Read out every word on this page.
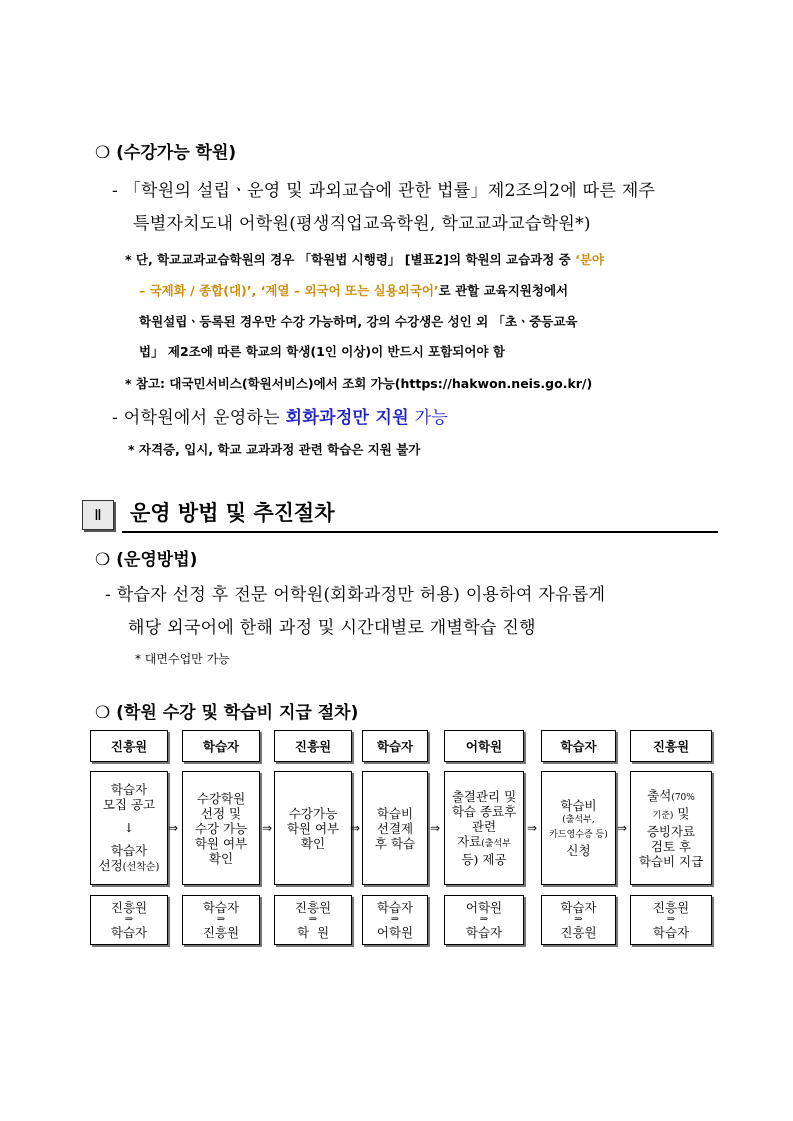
❍ (수강가능 학원)
- 「학원의 설립ㆍ운영 및 과외교습에 관한 법률」제2조의2에 따른 제주
특별자치도내 어학원(평생직업교육학원, 학교교과교습학원*)
* 단, 학교교과교습학원의 경우 「학원법 시행령」 [별표2]의 학원의 교습과정 중 ‘분야
– 국제화 / 종합(대)’, ‘계열 – 외국어 또는 실용외국어’로 관할 교육지원청에서
학원설립ㆍ등록된 경우만 수강 가능하며, 강의 수강생은 성인 외 「초ㆍ중등교육
법」 제2조에 따른 학교의 학생(1인 이상)이 반드시 포함되어야 함
* 참고: 대국민서비스(학원서비스)에서 조회 가능(https://hakwon.neis.go.kr/)
- 어학원에서 운영하는 회화과정만 지원 가능
* 자격증, 입시, 학교 교과과정 관련 학습은 지원 불가
Ⅱ	운영 방법 및 추진절차
❍ (운영방법)
- 학습자 선정 후 전문 어학원(회화과정만 허용) 이용하여 자유롭게
해당 외국어에 한해 과정 및 시간대별로 개별학습 진행
* 대면수업만 가능
❍ (학원 수강 및 학습비 지급 절차)
진흥원	학습자	진흥원	학습자	어학원	학습자	진흥원
학습자
모집 공고
↓
학습자
선정(선착순)
⇒
수강학원
선정 및
수강 가능
학원 여부
확인
⇒
수강가능
학원 여부
확인
⇒
학습비
선결제
후 학습
⇒
출결관리 및
학습 종료후
관련
자료(출석부
등) 제공
⇒
학습비
(출석부,
카드영수증 등)
신청
⇒
출석(70%
기준) 및
증빙자료
검토 후
학습비 지급
진흥원
⇒
학습자
학습자
⇒
진흥원
진흥원
⇒
학  원
학습자
⇒
어학원
어학원
⇒
학습자
학습자
⇒
진흥원
진흥원
⇒
학습자
